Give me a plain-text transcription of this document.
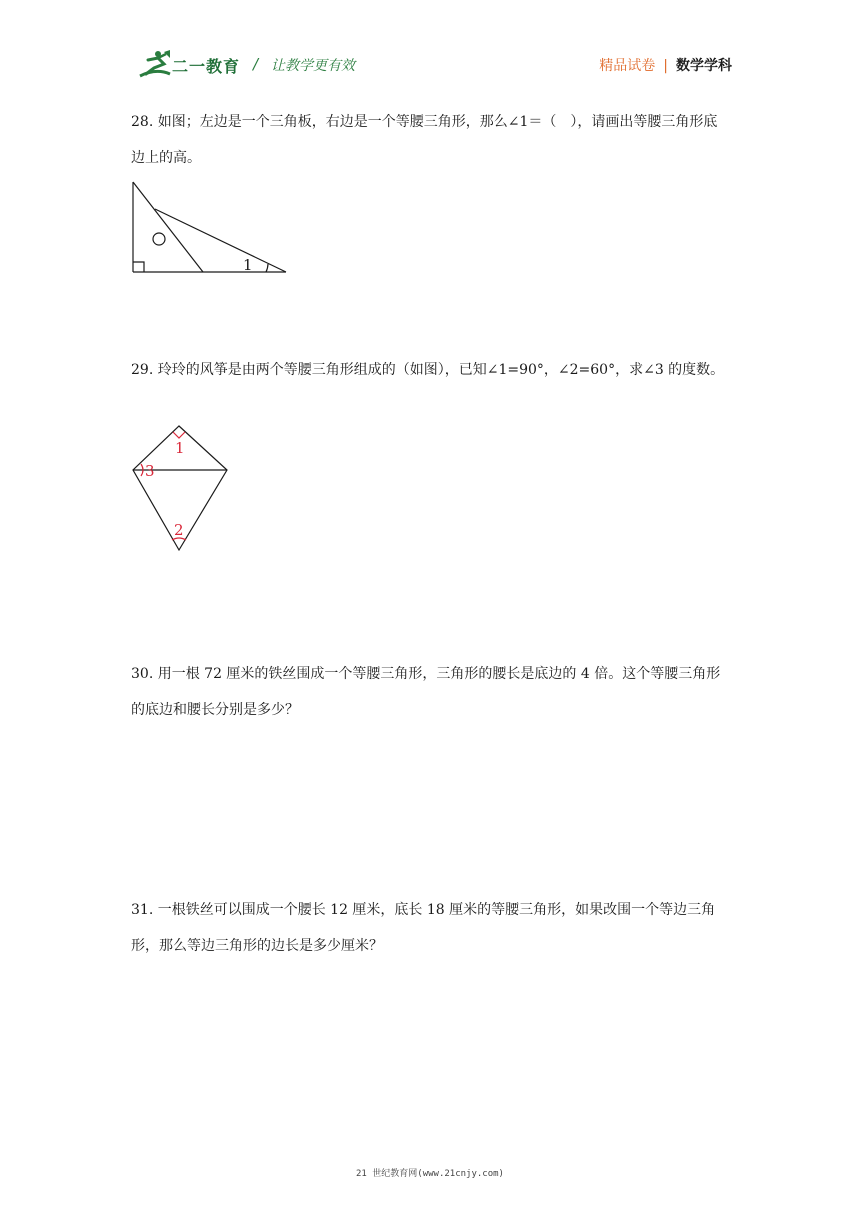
二一教育 / 让教学更有效	精品试卷 | 数学学科
28. 如图；左边是一个三角板，右边是一个等腰三角形，那么∠1＝（　），请画出等腰三角形底边上的高。
1
29. 玲玲的风筝是由两个等腰三角形组成的（如图），已知∠1=90°，∠2=60°，求∠3 的度数。
1
3
2
30. 用一根 72 厘米的铁丝围成一个等腰三角形，三角形的腰长是底边的 4 倍。这个等腰三角形的底边和腰长分别是多少？
31. 一根铁丝可以围成一个腰长 12 厘米，底长 18 厘米的等腰三角形，如果改围一个等边三角形，那么等边三角形的边长是多少厘米？
21 世纪教育网(www.21cnjy.com)
